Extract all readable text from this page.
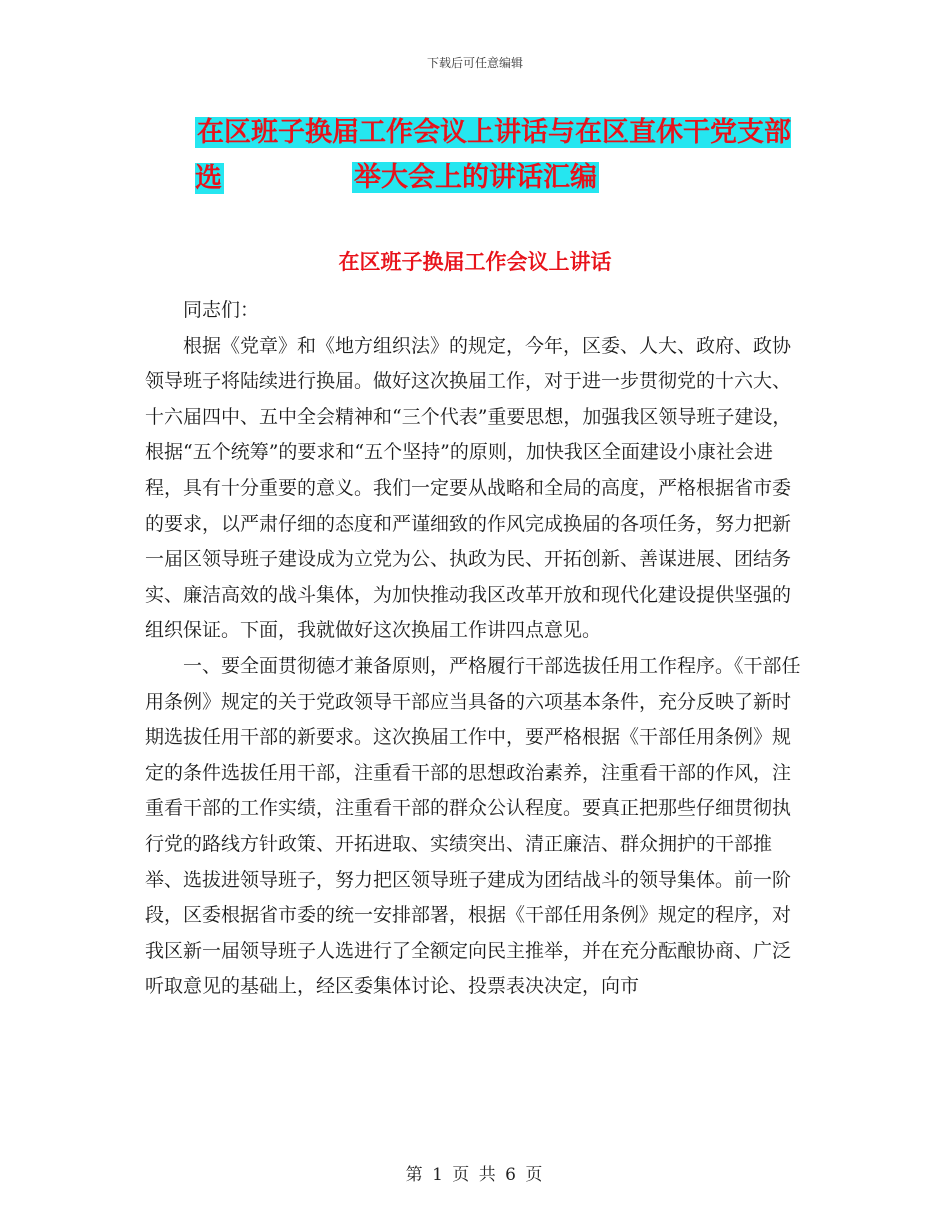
下载后可任意编辑
在区班子换届工作会议上讲话与在区直休干党支部选	举大会上的讲话汇编
在区班子换届工作会议上讲话

同志们：

根据《党章》和《地方组织法》的规定，今年，区委、人大、政府、政协领导班子将陆续进行换届。做好这次换届工作，对于进一步贯彻党的十六大、十六届四中、五中全会精神和“三个代表”重要思想，加强我区领导班子建设，根据“五个统筹”的要求和“五个坚持”的原则，加快我区全面建设小康社会进程，具有十分重要的意义。我们一定要从战略和全局的高度，严格根据省市委的要求，以严肃仔细的态度和严谨细致的作风完成换届的各项任务，努力把新一届区领导班子建设成为立党为公、执政为民、开拓创新、善谋进展、团结务实、廉洁高效的战斗集体，为加快推动我区改革开放和现代化建设提供坚强的组织保证。下面，我就做好这次换届工作讲四点意见。

一、要全面贯彻德才兼备原则，严格履行干部选拔任用工作程序。《干部任用条例》规定的关于党政领导干部应当具备的六项基本条件，充分反映了新时期选拔任用干部的新要求。这次换届工作中，要严格根据《干部任用条例》规定的条件选拔任用干部，注重看干部的思想政治素养，注重看干部的作风，注重看干部的工作实绩，注重看干部的群众公认程度。要真正把那些仔细贯彻执行党的路线方针政策、开拓进取、实绩突出、清正廉洁、群众拥护的干部推举、选拔进领导班子，努力把区领导班子建成为团结战斗的领导集体。前一阶段，区委根据省市委的统一安排部署，根据《干部任用条例》规定的程序，对我区新一届领导班子人选进行了全额定向民主推举，并在充分酝酿协商、广泛听取意见的基础上，经区委集体讨论、投票表决决定，向市

第 1 页 共 6 页
